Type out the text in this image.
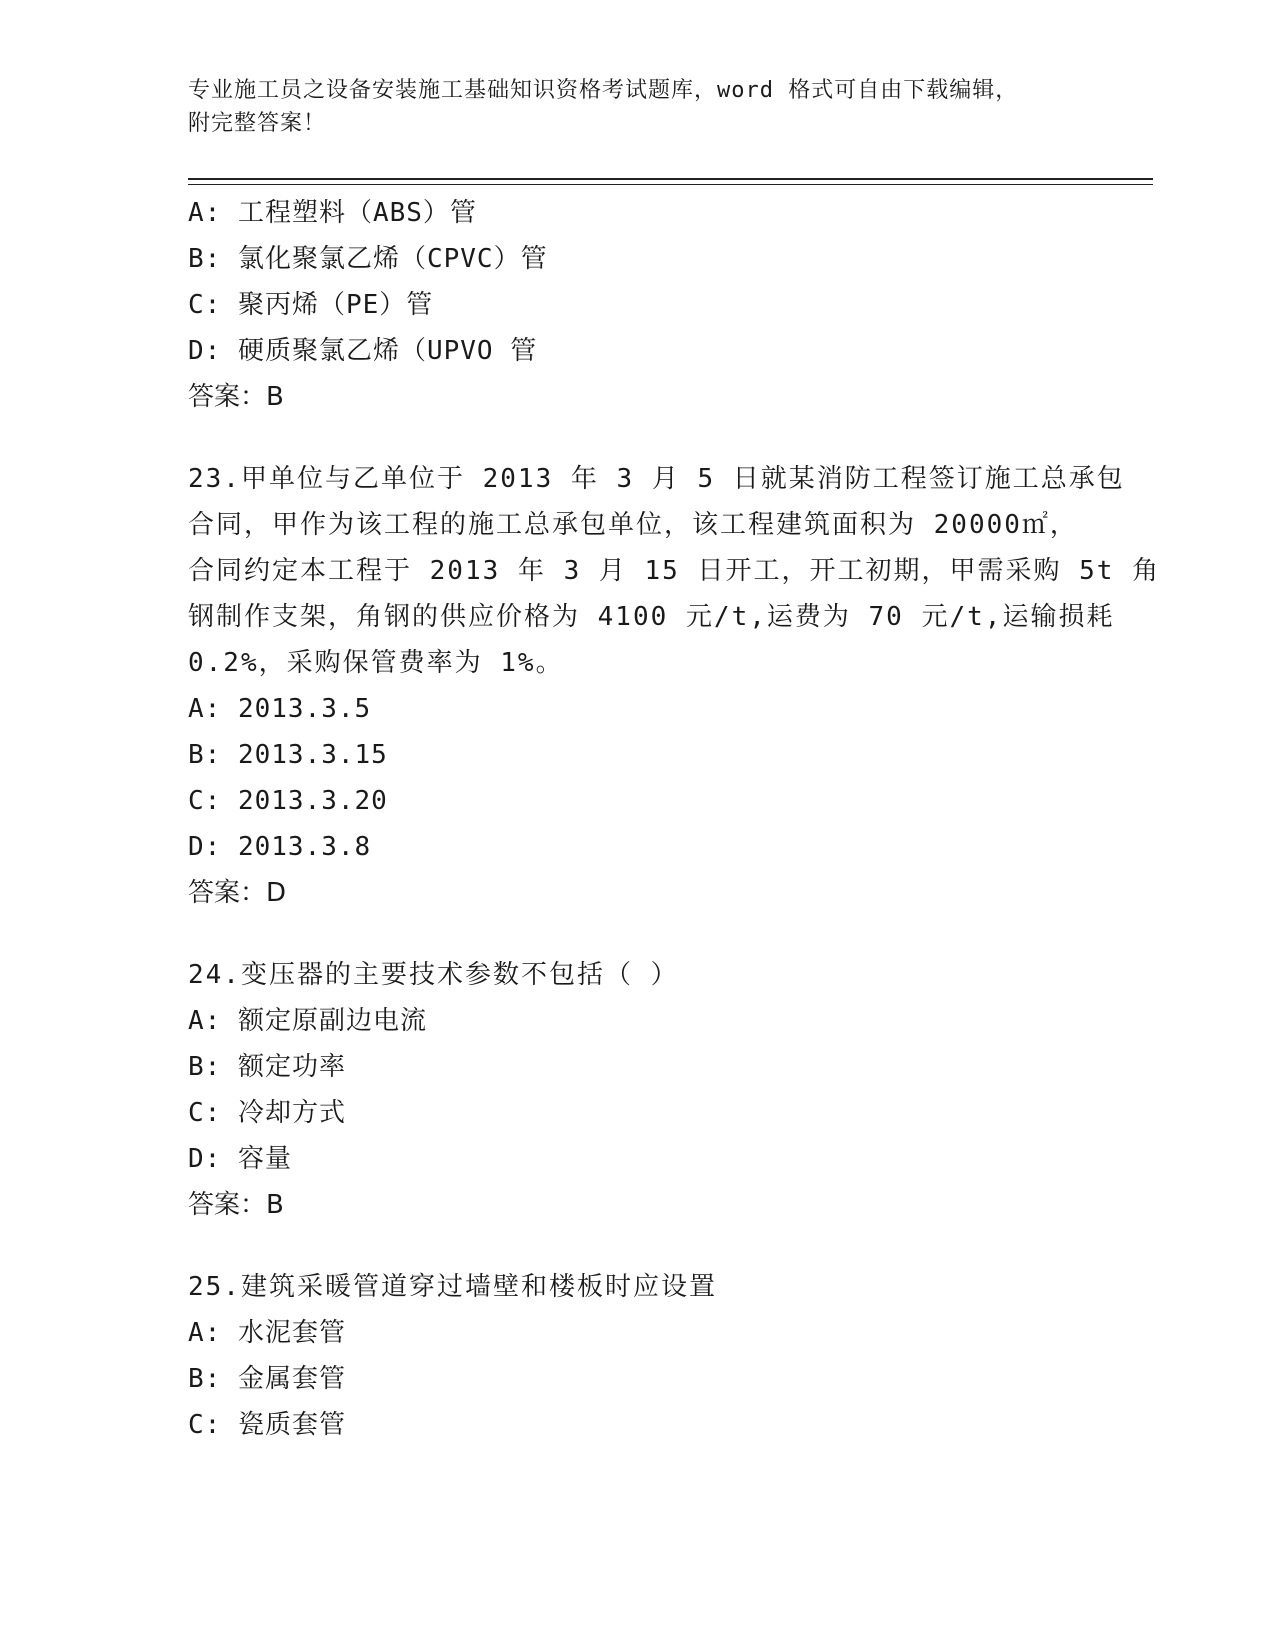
专业施工员之设备安装施工基础知识资格考试题库，word 格式可自由下载编辑，
附完整答案！
A: 工程塑料（ABS）管
B: 氯化聚氯乙烯（CPVC）管
C: 聚丙烯（PE）管
D: 硬质聚氯乙烯（UPVO 管
答案：B
23.甲单位与乙单位于 2013 年 3 月 5 日就某消防工程签订施工总承包
合同，甲作为该工程的施工总承包单位，该工程建筑面积为 20000㎡，
合同约定本工程于 2013 年 3 月 15 日开工，开工初期，甲需采购 5t 角
钢制作支架，角钢的供应价格为 4100 元/t,运费为 70 元/t,运输损耗
0.2%，采购保管费率为 1%。
A: 2013.3.5
B: 2013.3.15
C: 2013.3.20
D: 2013.3.8
答案：D
24.变压器的主要技术参数不包括（ ）
A: 额定原副边电流
B: 额定功率
C: 冷却方式
D: 容量
答案：B
25.建筑采暖管道穿过墙壁和楼板时应设置
A: 水泥套管
B: 金属套管
C: 瓷质套管
